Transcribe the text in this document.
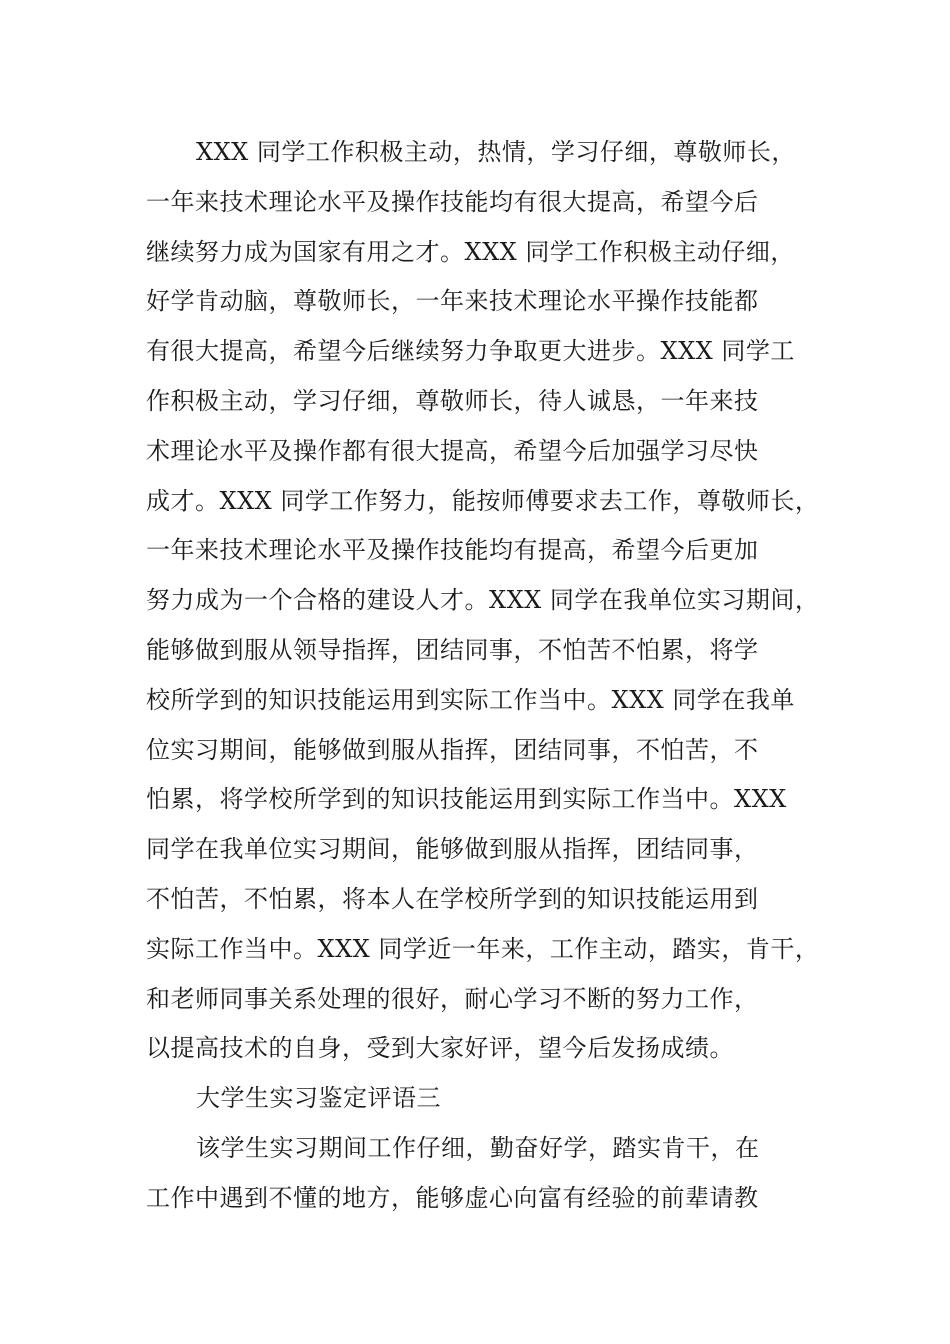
XXX 同学工作积极主动，热情，学习仔细，尊敬师长，
一年来技术理论水平及操作技能均有很大提高，希望今后
继续努力成为国家有用之才。XXX 同学工作积极主动仔细，
好学肯动脑，尊敬师长，一年来技术理论水平操作技能都
有很大提高，希望今后继续努力争取更大进步。XXX 同学工
作积极主动，学习仔细，尊敬师长，待人诚恳，一年来技
术理论水平及操作都有很大提高，希望今后加强学习尽快
成才。XXX 同学工作努力，能按师傅要求去工作，尊敬师长，
一年来技术理论水平及操作技能均有提高，希望今后更加
努力成为一个合格的建设人才。XXX 同学在我单位实习期间，
能够做到服从领导指挥，团结同事，不怕苦不怕累，将学
校所学到的知识技能运用到实际工作当中。XXX 同学在我单
位实习期间，能够做到服从指挥，团结同事，不怕苦，不
怕累，将学校所学到的知识技能运用到实际工作当中。XXX
同学在我单位实习期间，能够做到服从指挥，团结同事，
不怕苦，不怕累，将本人在学校所学到的知识技能运用到
实际工作当中。XXX 同学近一年来，工作主动，踏实，肯干，
和老师同事关系处理的很好，耐心学习不断的努力工作，
以提高技术的自身，受到大家好评，望今后发扬成绩。
大学生实习鉴定评语三
该学生实习期间工作仔细，勤奋好学，踏实肯干，在
工作中遇到不懂的地方，能够虚心向富有经验的前辈请教
